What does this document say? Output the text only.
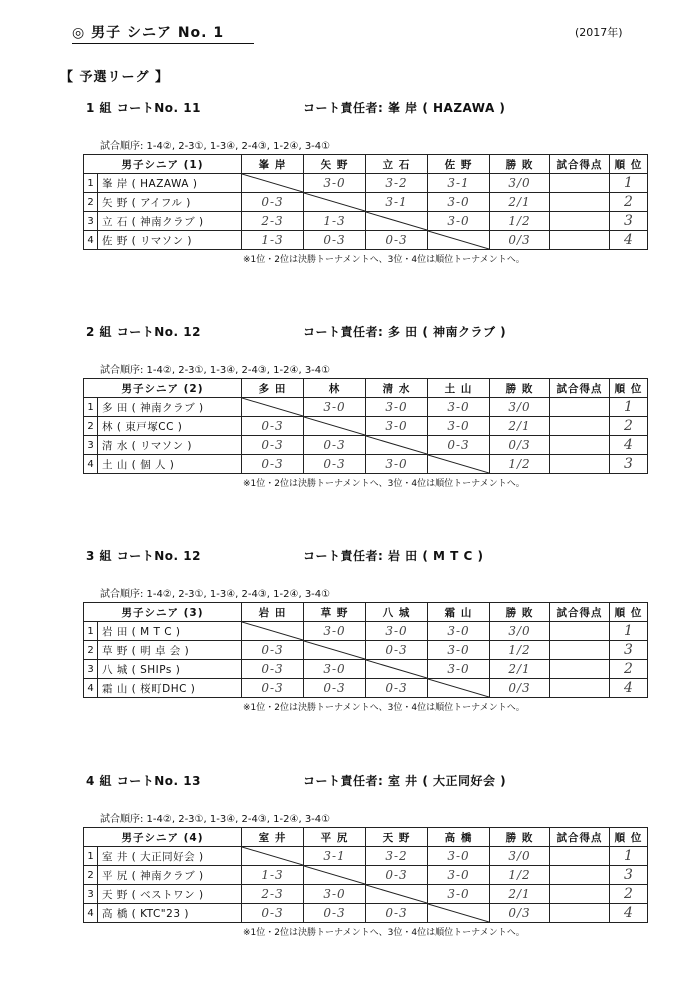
◎ 男子 シニア No. 1	(2017年)
【 予選リーグ 】
1 組 コートNo. 11	コート責任者: 峯 岸 ( HAZAWA )
試合順序: 1-4②, 2-3①, 1-3④, 2-4③, 1-2④, 3-4①
男子シニア (1)		峯 岸	矢 野	立 石	佐 野	勝 敗	試合得点	順 位
1	峯 岸 ( HAZAWA )		3-0	3-2	3-1	3/0		1
2	矢 野 ( アイフル )	0-3		3-1	3-0	2/1		2
3	立 石 ( 神南クラブ )	2-3	1-3		3-0	1/2		3
4	佐 野 ( リマソン )	1-3	0-3	0-3		0/3		4
※1位・2位は決勝トーナメントへ、3位・4位は順位トーナメントへ。
2 組 コートNo. 12	コート責任者: 多 田 ( 神南クラブ )
試合順序: 1-4②, 2-3①, 1-3④, 2-4③, 1-2④, 3-4①
男子シニア (2)		多 田	林	清 水	土 山	勝 敗	試合得点	順 位
1	多 田 ( 神南クラブ )		3-0	3-0	3-0	3/0		1
2	林 ( 東戸塚CC )	0-3		3-0	3-0	2/1		2
3	清 水 ( リマソン )	0-3	0-3		0-3	0/3		4
4	土 山 ( 個 人 )	0-3	0-3	3-0		1/2		3
※1位・2位は決勝トーナメントへ、3位・4位は順位トーナメントへ。
3 組 コートNo. 12	コート責任者: 岩 田 ( M T C )
試合順序: 1-4②, 2-3①, 1-3④, 2-4③, 1-2④, 3-4①
男子シニア (3)		岩 田	草 野	八 城	霜 山	勝 敗	試合得点	順 位
1	岩 田 ( M T C )		3-0	3-0	3-0	3/0		1
2	草 野 ( 明 卓 会 )	0-3		0-3	3-0	1/2		3
3	八 城 ( SHIPs )	0-3	3-0		3-0	2/1		2
4	霜 山 ( 桜町DHC )	0-3	0-3	0-3		0/3		4
※1位・2位は決勝トーナメントへ、3位・4位は順位トーナメントへ。
4 組 コートNo. 13	コート責任者: 室 井 ( 大正同好会 )
試合順序: 1-4②, 2-3①, 1-3④, 2-4③, 1-2④, 3-4①
男子シニア (4)		室 井	平 尻	天 野	高 橋	勝 敗	試合得点	順 位
1	室 井 ( 大正同好会 )		3-1	3-2	3-0	3/0		1
2	平 尻 ( 神南クラブ )	1-3		0-3	3-0	1/2		3
3	天 野 ( ベストワン )	2-3	3-0		3-0	2/1		2
4	高 橋 ( KTC"23 )	0-3	0-3	0-3		0/3		4
※1位・2位は決勝トーナメントへ、3位・4位は順位トーナメントへ。
